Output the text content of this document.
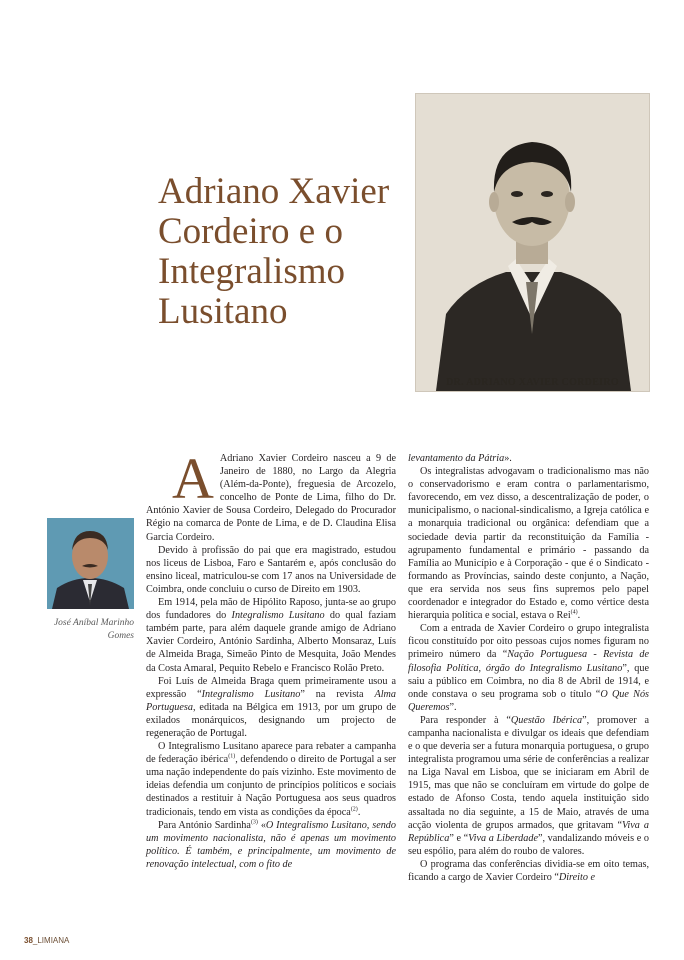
Adriano Xavier
Cordeiro e o
Integralismo
Lusitano
DR. ADRIANO XAVIER CORDEIRO
José Aníbal Marinho
Gomes

A Adriano Xavier Cordeiro nasceu a 9 de Janeiro de 1880, no Largo da Alegria (Além-da-Ponte), freguesia de Arcozelo, concelho de Ponte de Lima, filho do Dr. António Xavier de Sousa Cordeiro, Delegado do Procurador Régio na comarca de Ponte de Lima, e de D. Claudina Elisa Garcia Cordeiro.

Devido à profissão do pai que era magistrado, estudou nos liceus de Lisboa, Faro e Santarém e, após conclusão do ensino liceal, matriculou-se com 17 anos na Universidade de Coimbra, onde concluiu o curso de Direito em 1903.

Em 1914, pela mão de Hipólito Raposo, junta-se ao grupo dos fundadores do Integralismo Lusitano do qual faziam também parte, para além daquele grande amigo de Adriano Xavier Cordeiro, António Sardinha, Alberto Monsaraz, Luís de Almeida Braga, Simeão Pinto de Mesquita, João Mendes da Costa Amaral, Pequito Rebelo e Francisco Rolão Preto.

Foi Luís de Almeida Braga quem primeiramente usou a expressão “Integralismo Lusitano” na revista Alma Portuguesa, editada na Bélgica em 1913, por um grupo de exilados monárquicos, designando um projecto de regeneração de Portugal.

O Integralismo Lusitano aparece para rebater a campanha de federação ibérica$^{(1)}$, defendendo o direito de Portugal a ser uma nação independente do país vizinho. Este movimento de ideias defendia um conjunto de princípios políticos e sociais destinados a restituir à Nação Portuguesa aos seus quadros tradicionais, tendo em vista as condições da época$^{(2)}$.

Para António Sardinha$^{(3)}$ «O Integralismo Lusitano, sendo um movimento nacionalista, não é apenas um movimento político. É também, e principalmente, um movimento de renovação intelectual, com o fito de

levantamento da Pátria».

Os integralistas advogavam o tradicionalismo mas não o conservadorismo e eram contra o parlamentarismo, favorecendo, em vez disso, a descentralização de poder, o municipalismo, o nacional-sindicalismo, a Igreja católica e a monarquia tradicional ou orgânica: defendiam que a sociedade devia partir da reconstituição da Família - agrupamento fundamental e primário - passando da Família ao Município e à Corporação - que é o Sindicato - formando as Províncias, saindo deste conjunto, a Nação, que era servida nos seus fins supremos pelo papel coordenador e integrador do Estado e, como vértice desta hierarquia política e social, estava o Rei$^{(4)}$.

Com a entrada de Xavier Cordeiro o grupo integralista ficou constituído por oito pessoas cujos nomes figuram no primeiro número da “Nação Portuguesa - Revista de filosofia Política, órgão do Integralismo Lusitano”, que saiu a público em Coimbra, no dia 8 de Abril de 1914, e onde constava o seu programa sob o título “O Que Nós Queremos”.

Para responder à “Questão Ibérica”, promover a campanha nacionalista e divulgar os ideais que defendiam e o que deveria ser a futura monarquia portuguesa, o grupo integralista programou uma série de conferências a realizar na Liga Naval em Lisboa, que se iniciaram em Abril de 1915, mas que não se concluíram em virtude do golpe de estado de Afonso Costa, tendo aquela instituição sido assaltada no dia seguinte, a 15 de Maio, através de uma acção violenta de grupos armados, que gritavam “Viva a República” e “Viva a Liberdade”, vandalizando móveis e o seu espólio, para além do roubo de valores.

O programa das conferências dividia-se em oito temas, ficando a cargo de Xavier Cordeiro “Direito e

38_LIMIANA
